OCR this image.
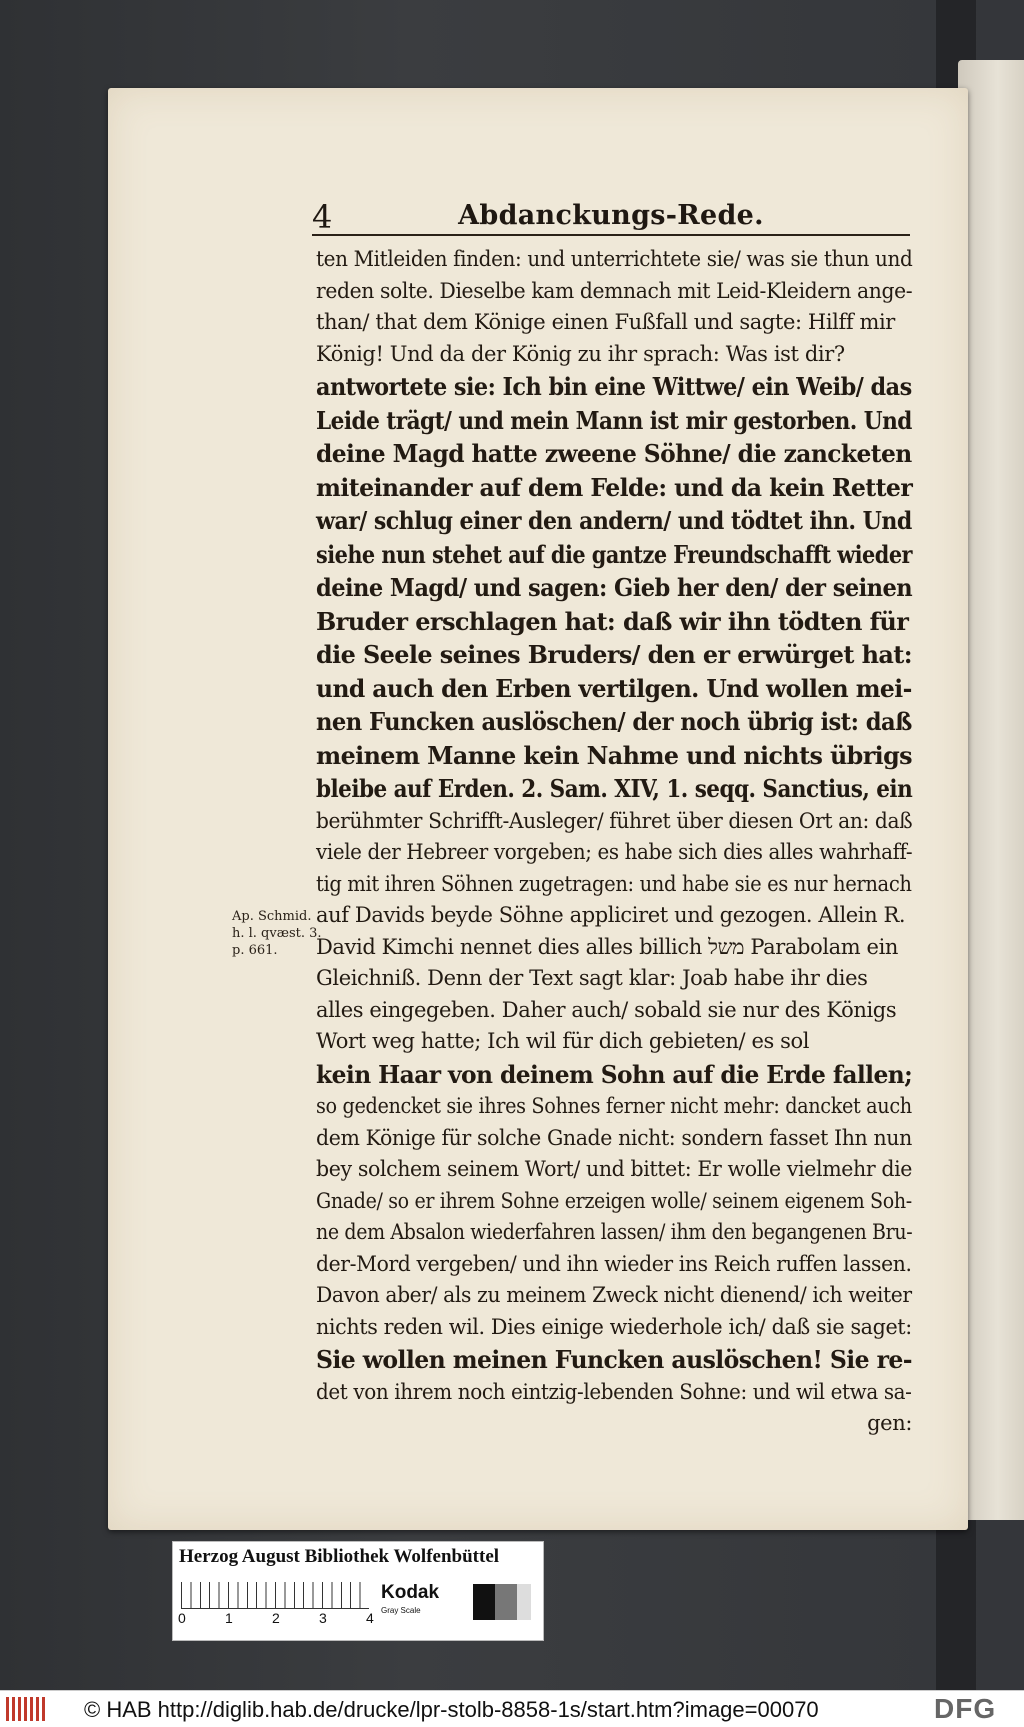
4	Abdanckungs-Rede.
ten Mitleiden finden: und unterrichtete sie/ was sie thun und
reden solte. Dieselbe kam demnach mit Leid-Kleidern ange-
than/ that dem Könige einen Fußfall und sagte: Hilff mir
König! Und da der König zu ihr sprach: Was ist dir?
antwortete sie: Ich bin eine Wittwe/ ein Weib/ das
Leide trägt/ und mein Mann ist mir gestorben. Und
deine Magd hatte zweene Söhne/ die zancketen
miteinander auf dem Felde: und da kein Retter
war/ schlug einer den andern/ und tödtet ihn. Und
siehe nun stehet auf die gantze Freundschafft wieder
deine Magd/ und sagen: Gieb her den/ der seinen
Bruder erschlagen hat: daß wir ihn tödten für
die Seele seines Bruders/ den er erwürget hat:
und auch den Erben vertilgen. Und wollen mei-
nen Funcken auslöschen/ der noch übrig ist: daß
meinem Manne kein Nahme und nichts übrigs
bleibe auf Erden. 2. Sam. XIV, 1. seqq. Sanctius, ein
berühmter Schrifft-Ausleger/ führet über diesen Ort an: daß
viele der Hebreer vorgeben; es habe sich dies alles wahrhaff-
tig mit ihren Söhnen zugetragen: und habe sie es nur hernach
auf Davids beyde Söhne appliciret und gezogen. Allein R.
David Kimchi nennet dies alles billich משל Parabolam ein
Gleichniß. Denn der Text sagt klar: Joab habe ihr dies
alles eingegeben. Daher auch/ sobald sie nur des Königs
Wort weg hatte; Ich wil für dich gebieten/ es sol
kein Haar von deinem Sohn auf die Erde fallen;
so gedencket sie ihres Sohnes ferner nicht mehr: dancket auch
dem Könige für solche Gnade nicht: sondern fasset Ihn nun
bey solchem seinem Wort/ und bittet: Er wolle vielmehr die
Gnade/ so er ihrem Sohne erzeigen wolle/ seinem eigenem Soh-
ne dem Absalon wiederfahren lassen/ ihm den begangenen Bru-
der-Mord vergeben/ und ihn wieder ins Reich ruffen lassen.
Davon aber/ als zu meinem Zweck nicht dienend/ ich weiter
nichts reden wil. Dies einige wiederhole ich/ daß sie saget:
Sie wollen meinen Funcken auslöschen! Sie re-
det von ihrem noch eintzig-lebenden Sohne: und wil etwa sa-
gen:
Ap. Schmid.
h. l. qvæst. 3.
p. 661.
Herzog August Bibliothek Wolfenbüttel
0	1	2	3	4
Kodak
Gray Scale
© HAB http://diglib.hab.de/drucke/lpr-stolb-8858-1s/start.htm?image=00070	DFG
